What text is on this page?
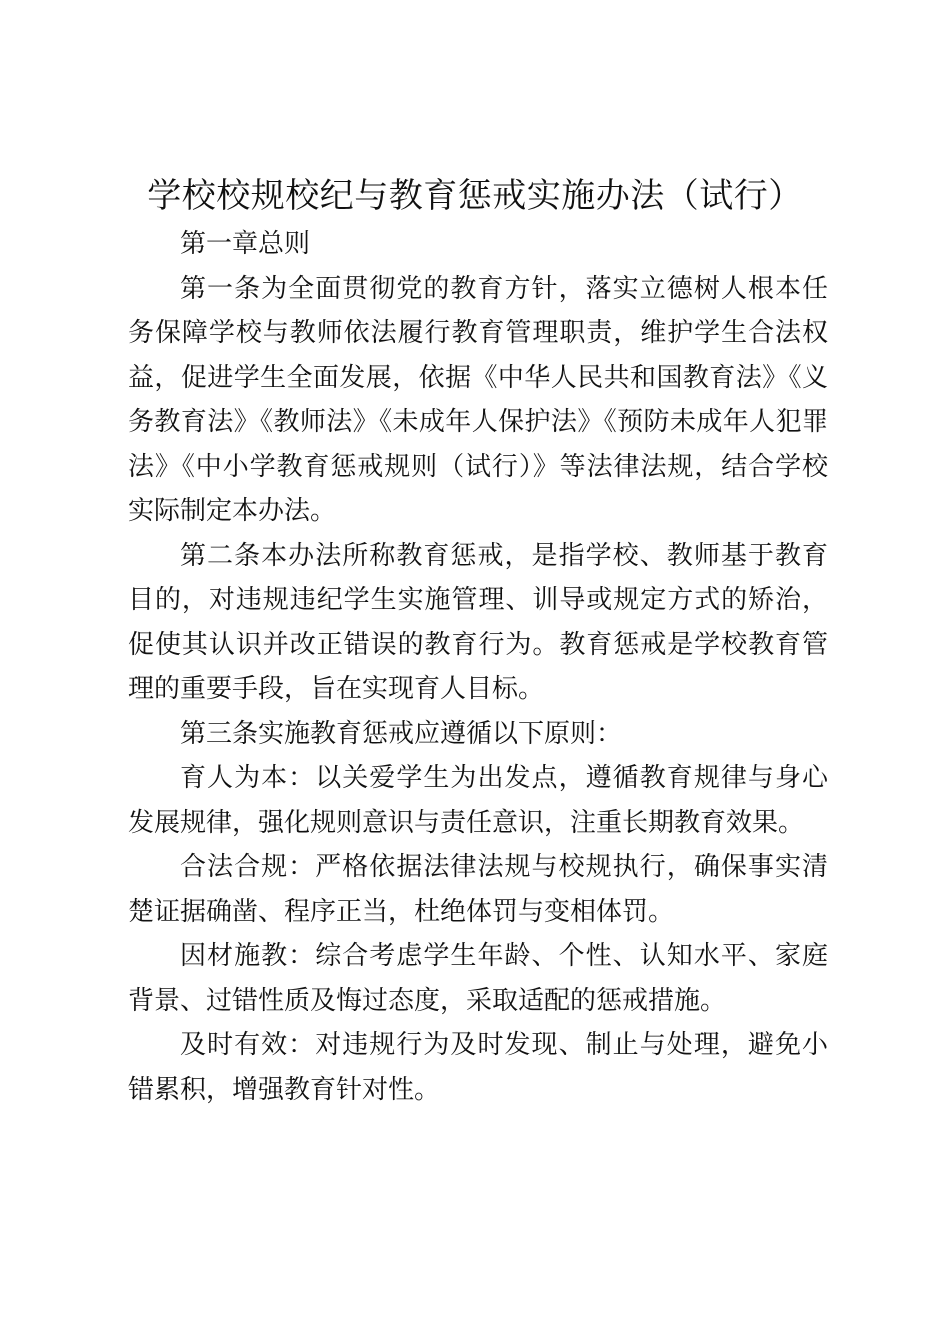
学校校规校纪与教育惩戒实施办法（试行）

第一章总则

第一条为全面贯彻党的教育方针，落实立德树人根本任务保障学校与教师依法履行教育管理职责，维护学生合法权益，促进学生全面发展，依据《中华人民共和国教育法》《义务教育法》《教师法》《未成年人保护法》《预防未成年人犯罪法》《中小学教育惩戒规则（试行）》等法律法规，结合学校实际制定本办法。

第二条本办法所称教育惩戒，是指学校、教师基于教育目的，对违规违纪学生实施管理、训导或规定方式的矫治，促使其认识并改正错误的教育行为。教育惩戒是学校教育管理的重要手段，旨在实现育人目标。

第三条实施教育惩戒应遵循以下原则：

育人为本：以关爱学生为出发点，遵循教育规律与身心发展规律，强化规则意识与责任意识，注重长期教育效果。

合法合规：严格依据法律法规与校规执行，确保事实清楚证据确凿、程序正当，杜绝体罚与变相体罚。

因材施教：综合考虑学生年龄、个性、认知水平、家庭背景、过错性质及悔过态度，采取适配的惩戒措施。

及时有效：对违规行为及时发现、制止与处理，避免小错累积，增强教育针对性。
